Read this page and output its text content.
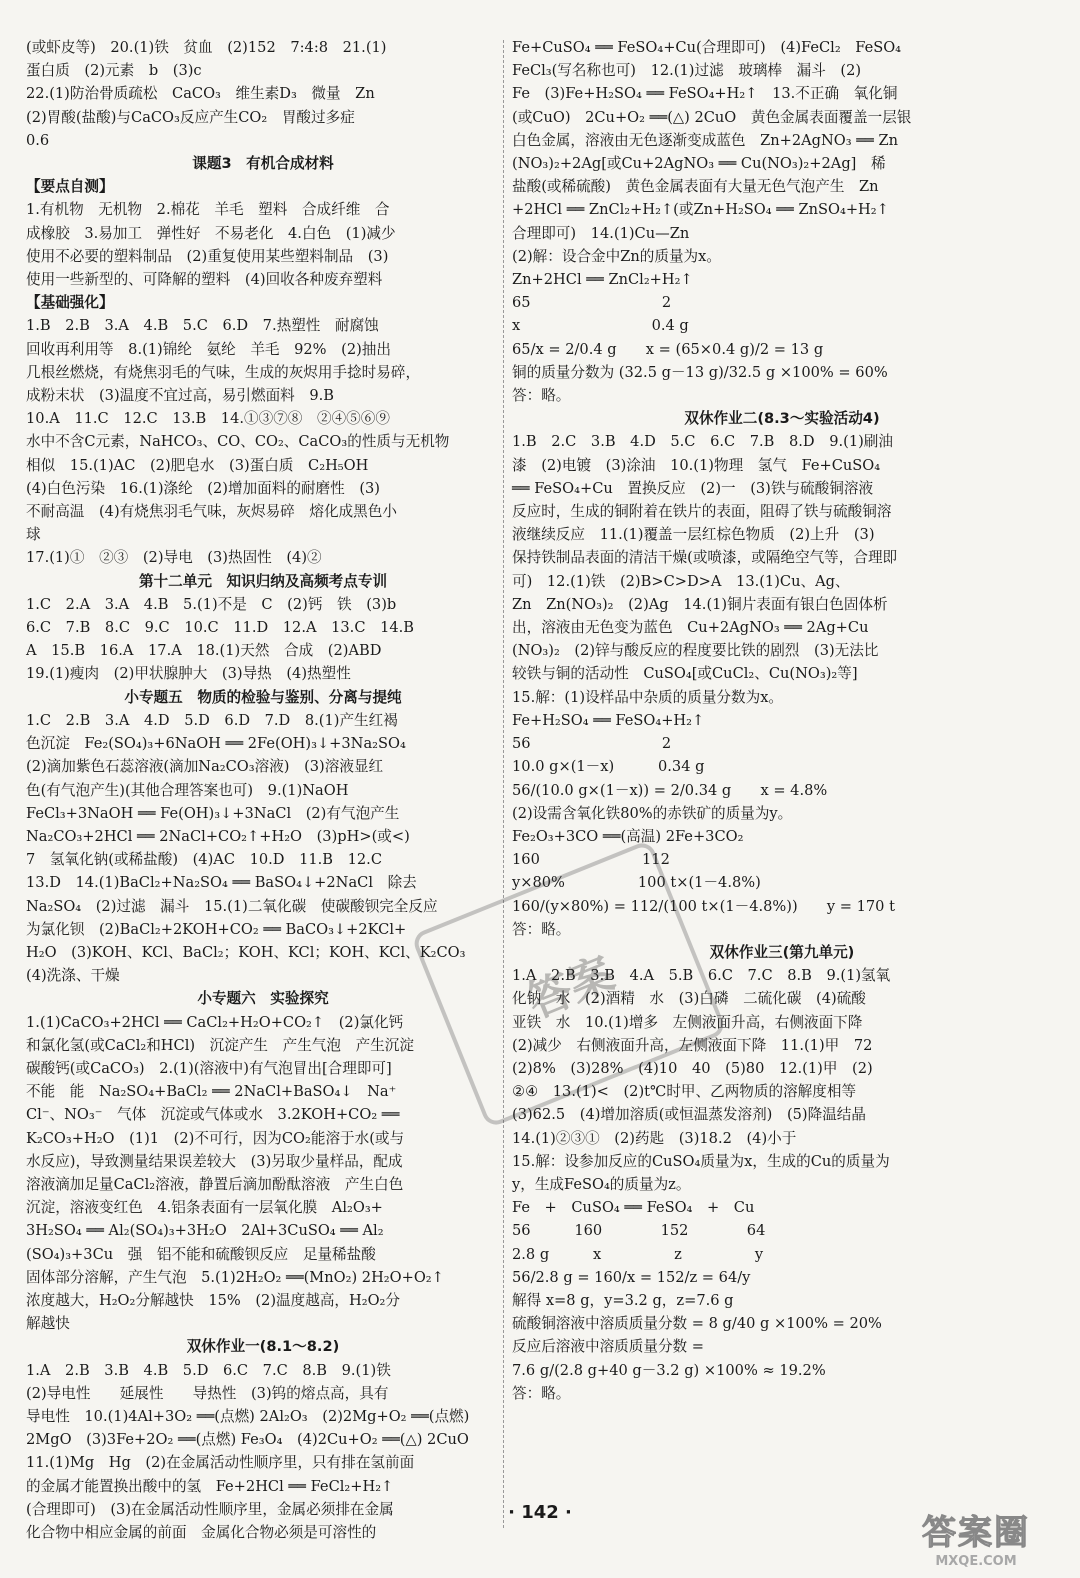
(或虾皮等)　20.(1)铁　贫血　(2)152　7:4:8　21.(1)
蛋白质　(2)元素　b　(3)c
22.(1)防治骨质疏松　CaCO₃　维生素D₃　微量　Zn
(2)胃酸(盐酸)与CaCO₃反应产生CO₂　胃酸过多症
0.6
课题3　有机合成材料
【要点自测】
1.有机物　无机物　2.棉花　羊毛　塑料　合成纤维　合
成橡胶　3.易加工　弹性好　不易老化　4.白色　(1)减少
使用不必要的塑料制品　(2)重复使用某些塑料制品　(3)
使用一些新型的、可降解的塑料　(4)回收各种废弃塑料
【基础强化】
1.B　2.B　3.A　4.B　5.C　6.D　7.热塑性　耐腐蚀
回收再利用等　8.(1)锦纶　氨纶　羊毛　92%　(2)抽出
几根丝燃烧，有烧焦羽毛的气味，生成的灰烬用手捻时易碎，
成粉末状　(3)温度不宜过高，易引燃面料　9.B
10.A　11.C　12.C　13.B　14.①③⑦⑧　②④⑤⑥⑨
水中不含C元素，NaHCO₃、CO、CO₂、CaCO₃的性质与无机物
相似　15.(1)AC　(2)肥皂水　(3)蛋白质　C₂H₅OH
(4)白色污染　16.(1)涤纶　(2)增加面料的耐磨性　(3)
不耐高温　(4)有烧焦羽毛气味，灰烬易碎　熔化成黑色小
球
17.(1)①　②③　(2)导电　(3)热固性　(4)②
第十二单元　知识归纳及高频考点专训
1.C　2.A　3.A　4.B　5.(1)不是　C　(2)钙　铁　(3)b
6.C　7.B　8.C　9.C　10.C　11.D　12.A　13.C　14.B
A　15.B　16.A　17.A　18.(1)天然　合成　(2)ABD
19.(1)瘦肉　(2)甲状腺肿大　(3)导热　(4)热塑性
小专题五　物质的检验与鉴别、分离与提纯
1.C　2.B　3.A　4.D　5.D　6.D　7.D　8.(1)产生红褐
色沉淀　Fe₂(SO₄)₃+6NaOH ══ 2Fe(OH)₃↓+3Na₂SO₄
(2)滴加紫色石蕊溶液(滴加Na₂CO₃溶液)　(3)溶液显红
色(有气泡产生)(其他合理答案也可)　9.(1)NaOH
FeCl₃+3NaOH ══ Fe(OH)₃↓+3NaCl　(2)有气泡产生
Na₂CO₃+2HCl ══ 2NaCl+CO₂↑+H₂O　(3)pH>(或<)
7　氢氧化钠(或稀盐酸)　(4)AC　10.D　11.B　12.C
13.D　14.(1)BaCl₂+Na₂SO₄ ══ BaSO₄↓+2NaCl　除去
Na₂SO₄　(2)过滤　漏斗　15.(1)二氧化碳　使碳酸钡完全反应
为氯化钡　(2)BaCl₂+2KOH+CO₂ ══ BaCO₃↓+2KCl+
H₂O　(3)KOH、KCl、BaCl₂；KOH、KCl；KOH、KCl、K₂CO₃
(4)洗涤、干燥
小专题六　实验探究
1.(1)CaCO₃+2HCl ══ CaCl₂+H₂O+CO₂↑　(2)氯化钙
和氯化氢(或CaCl₂和HCl)　沉淀产生　产生气泡　产生沉淀
碳酸钙(或CaCO₃)　2.(1)(溶液中)有气泡冒出[合理即可]
不能　能　Na₂SO₄+BaCl₂ ══ 2NaCl+BaSO₄↓　Na⁺
Cl⁻、NO₃⁻　气体　沉淀或气体或水　3.2KOH+CO₂ ══
K₂CO₃+H₂O　(1)1　(2)不可行，因为CO₂能溶于水(或与
水反应)，导致测量结果误差较大　(3)另取少量样品，配成
溶液滴加足量CaCl₂溶液，静置后滴加酚酞溶液　产生白色
沉淀，溶液变红色　4.铝条表面有一层氧化膜　Al₂O₃+
3H₂SO₄ ══ Al₂(SO₄)₃+3H₂O　2Al+3CuSO₄ ══ Al₂
(SO₄)₃+3Cu　强　铝不能和硫酸钡反应　足量稀盐酸
固体部分溶解，产生气泡　5.(1)2H₂O₂ ══(MnO₂) 2H₂O+O₂↑
浓度越大，H₂O₂分解越快　15%　(2)温度越高，H₂O₂分
解越快
双休作业一(8.1～8.2)
1.A　2.B　3.B　4.B　5.D　6.C　7.C　8.B　9.(1)铁
(2)导电性　　延展性　　导热性　(3)钨的熔点高，具有
导电性　10.(1)4Al+3O₂ ══(点燃) 2Al₂O₃　(2)2Mg+O₂ ══(点燃)
2MgO　(3)3Fe+2O₂ ══(点燃) Fe₃O₄　(4)2Cu+O₂ ══(△) 2CuO
11.(1)Mg　Hg　(2)在金属活动性顺序里，只有排在氢前面
的金属才能置换出酸中的氢　Fe+2HCl ══ FeCl₂+H₂↑
(合理即可)　(3)在金属活动性顺序里，金属必须排在金属
化合物中相应金属的前面　金属化合物必须是可溶性的
Fe+CuSO₄ ══ FeSO₄+Cu(合理即可)　(4)FeCl₂　FeSO₄
FeCl₃(写名称也可)　12.(1)过滤　玻璃棒　漏斗　(2)
Fe　(3)Fe+H₂SO₄ ══ FeSO₄+H₂↑　13.不正确　氧化铜
(或CuO)　2Cu+O₂ ══(△) 2CuO　黄色金属表面覆盖一层银
白色金属，溶液由无色逐渐变成蓝色　Zn+2AgNO₃ ══ Zn
(NO₃)₂+2Ag[或Cu+2AgNO₃ ══ Cu(NO₃)₂+2Ag]　稀
盐酸(或稀硫酸)　黄色金属表面有大量无色气泡产生　Zn
+2HCl ══ ZnCl₂+H₂↑(或Zn+H₂SO₄ ══ ZnSO₄+H₂↑
合理即可)　14.(1)Cu—Zn
(2)解：设合金中Zn的质量为x。
Zn+2HCl ══ ZnCl₂+H₂↑
65　　　　　　　　　2
x　　　　　　　　　0.4 g
65/x = 2/0.4 g　　x = (65×0.4 g)/2 = 13 g
铜的质量分数为 (32.5 g－13 g)/32.5 g ×100% = 60%
答：略。
双休作业二(8.3～实验活动4)
1.B　2.C　3.B　4.D　5.C　6.C　7.B　8.D　9.(1)刷油
漆　(2)电镀　(3)涂油　10.(1)物理　氢气　Fe+CuSO₄
══ FeSO₄+Cu　置换反应　(2)一　(3)铁与硫酸铜溶液
反应时，生成的铜附着在铁片的表面，阻碍了铁与硫酸铜溶
液继续反应　11.(1)覆盖一层红棕色物质　(2)上升　(3)
保持铁制品表面的清洁干燥(或喷漆，或隔绝空气等，合理即
可)　12.(1)铁　(2)B>C>D>A　13.(1)Cu、Ag、
Zn　Zn(NO₃)₂　(2)Ag　14.(1)铜片表面有银白色固体析
出，溶液由无色变为蓝色　Cu+2AgNO₃ ══ 2Ag+Cu
(NO₃)₂　(2)锌与酸反应的程度要比铁的剧烈　(3)无法比
较铁与铜的活动性　CuSO₄[或CuCl₂、Cu(NO₃)₂等]
15.解：(1)设样品中杂质的质量分数为x。
Fe+H₂SO₄ ══ FeSO₄+H₂↑
56　　　　　　　　　2
10.0 g×(1－x)　　　0.34 g
56/(10.0 g×(1－x)) = 2/0.34 g　　x = 4.8%
(2)设需含氧化铁80%的赤铁矿的质量为y。
Fe₂O₃+3CO ══(高温) 2Fe+3CO₂
160　　　　　　　112
y×80%　　　　　100 t×(1－4.8%)
160/(y×80%) = 112/(100 t×(1－4.8%))　　y = 170 t
答：略。
双休作业三(第九单元)
1.A　2.B　3.B　4.A　5.B　6.C　7.C　8.B　9.(1)氢氧
化钠　水　(2)酒精　水　(3)白磷　二硫化碳　(4)硫酸
亚铁　水　10.(1)增多　左侧液面升高，右侧液面下降
(2)减少　右侧液面升高，左侧液面下降　11.(1)甲　72
(2)8%　(3)28%　(4)10　40　(5)80　12.(1)甲　(2)
②④　13.(1)<　(2)t℃时甲、乙两物质的溶解度相等
(3)62.5　(4)增加溶质(或恒温蒸发溶剂)　(5)降温结晶
14.(1)②③①　(2)药匙　(3)18.2　(4)小于
15.解：设参加反应的CuSO₄质量为x，生成的Cu的质量为
y，生成FeSO₄的质量为z。
Fe　+　CuSO₄ ══ FeSO₄　+　Cu
56　　　160　　　　152　　　　64
2.8 g　　　x　　　　　z　　　　　y
56/2.8 g = 160/x = 152/z = 64/y
解得 x=8 g，y=3.2 g，z=7.6 g
硫酸铜溶液中溶质质量分数 = 8 g/40 g ×100% = 20%
反应后溶液中溶质质量分数 =
7.6 g/(2.8 g+40 g－3.2 g) ×100% ≈ 19.2%
答：略。
答案
· 142 ·
答案圈
MXQE.COM
